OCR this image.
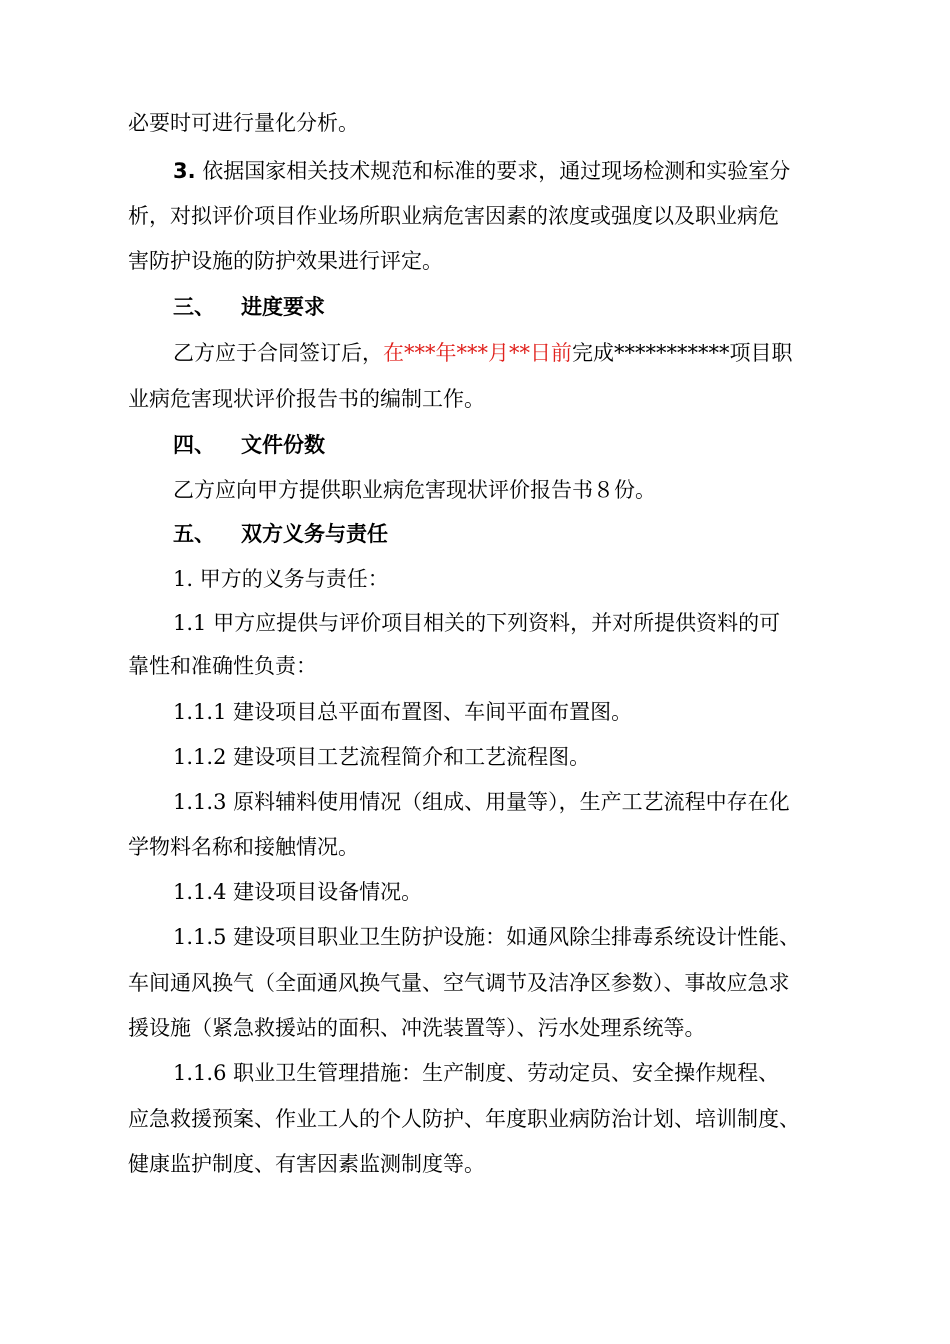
必要时可进行量化分析。
3. 依据国家相关技术规范和标准的要求，通过现场检测和实验室分
析，对拟评价项目作业场所职业病危害因素的浓度或强度以及职业病危
害防护设施的防护效果进行评定。
三、 进度要求
乙方应于合同签订后，在***年***月**日前完成***********项目职
业病危害现状评价报告书的编制工作。
四、 文件份数
乙方应向甲方提供职业病危害现状评价报告书８份。
五、 双方义务与责任
1. 甲方的义务与责任：
1.1 甲方应提供与评价项目相关的下列资料，并对所提供资料的可
靠性和准确性负责：
1.1.1 建设项目总平面布置图、车间平面布置图。
1.1.2 建设项目工艺流程简介和工艺流程图。
1.1.3 原料辅料使用情况（组成、用量等），生产工艺流程中存在化
学物料名称和接触情况。
1.1.4 建设项目设备情况。
1.1.5 建设项目职业卫生防护设施：如通风除尘排毒系统设计性能、
车间通风换气（全面通风换气量、空气调节及洁净区参数）、事故应急求
援设施（紧急救援站的面积、冲洗装置等）、污水处理系统等。
1.1.6 职业卫生管理措施：生产制度、劳动定员、安全操作规程、
应急救援预案、作业工人的个人防护、年度职业病防治计划、培训制度、
健康监护制度、有害因素监测制度等。
